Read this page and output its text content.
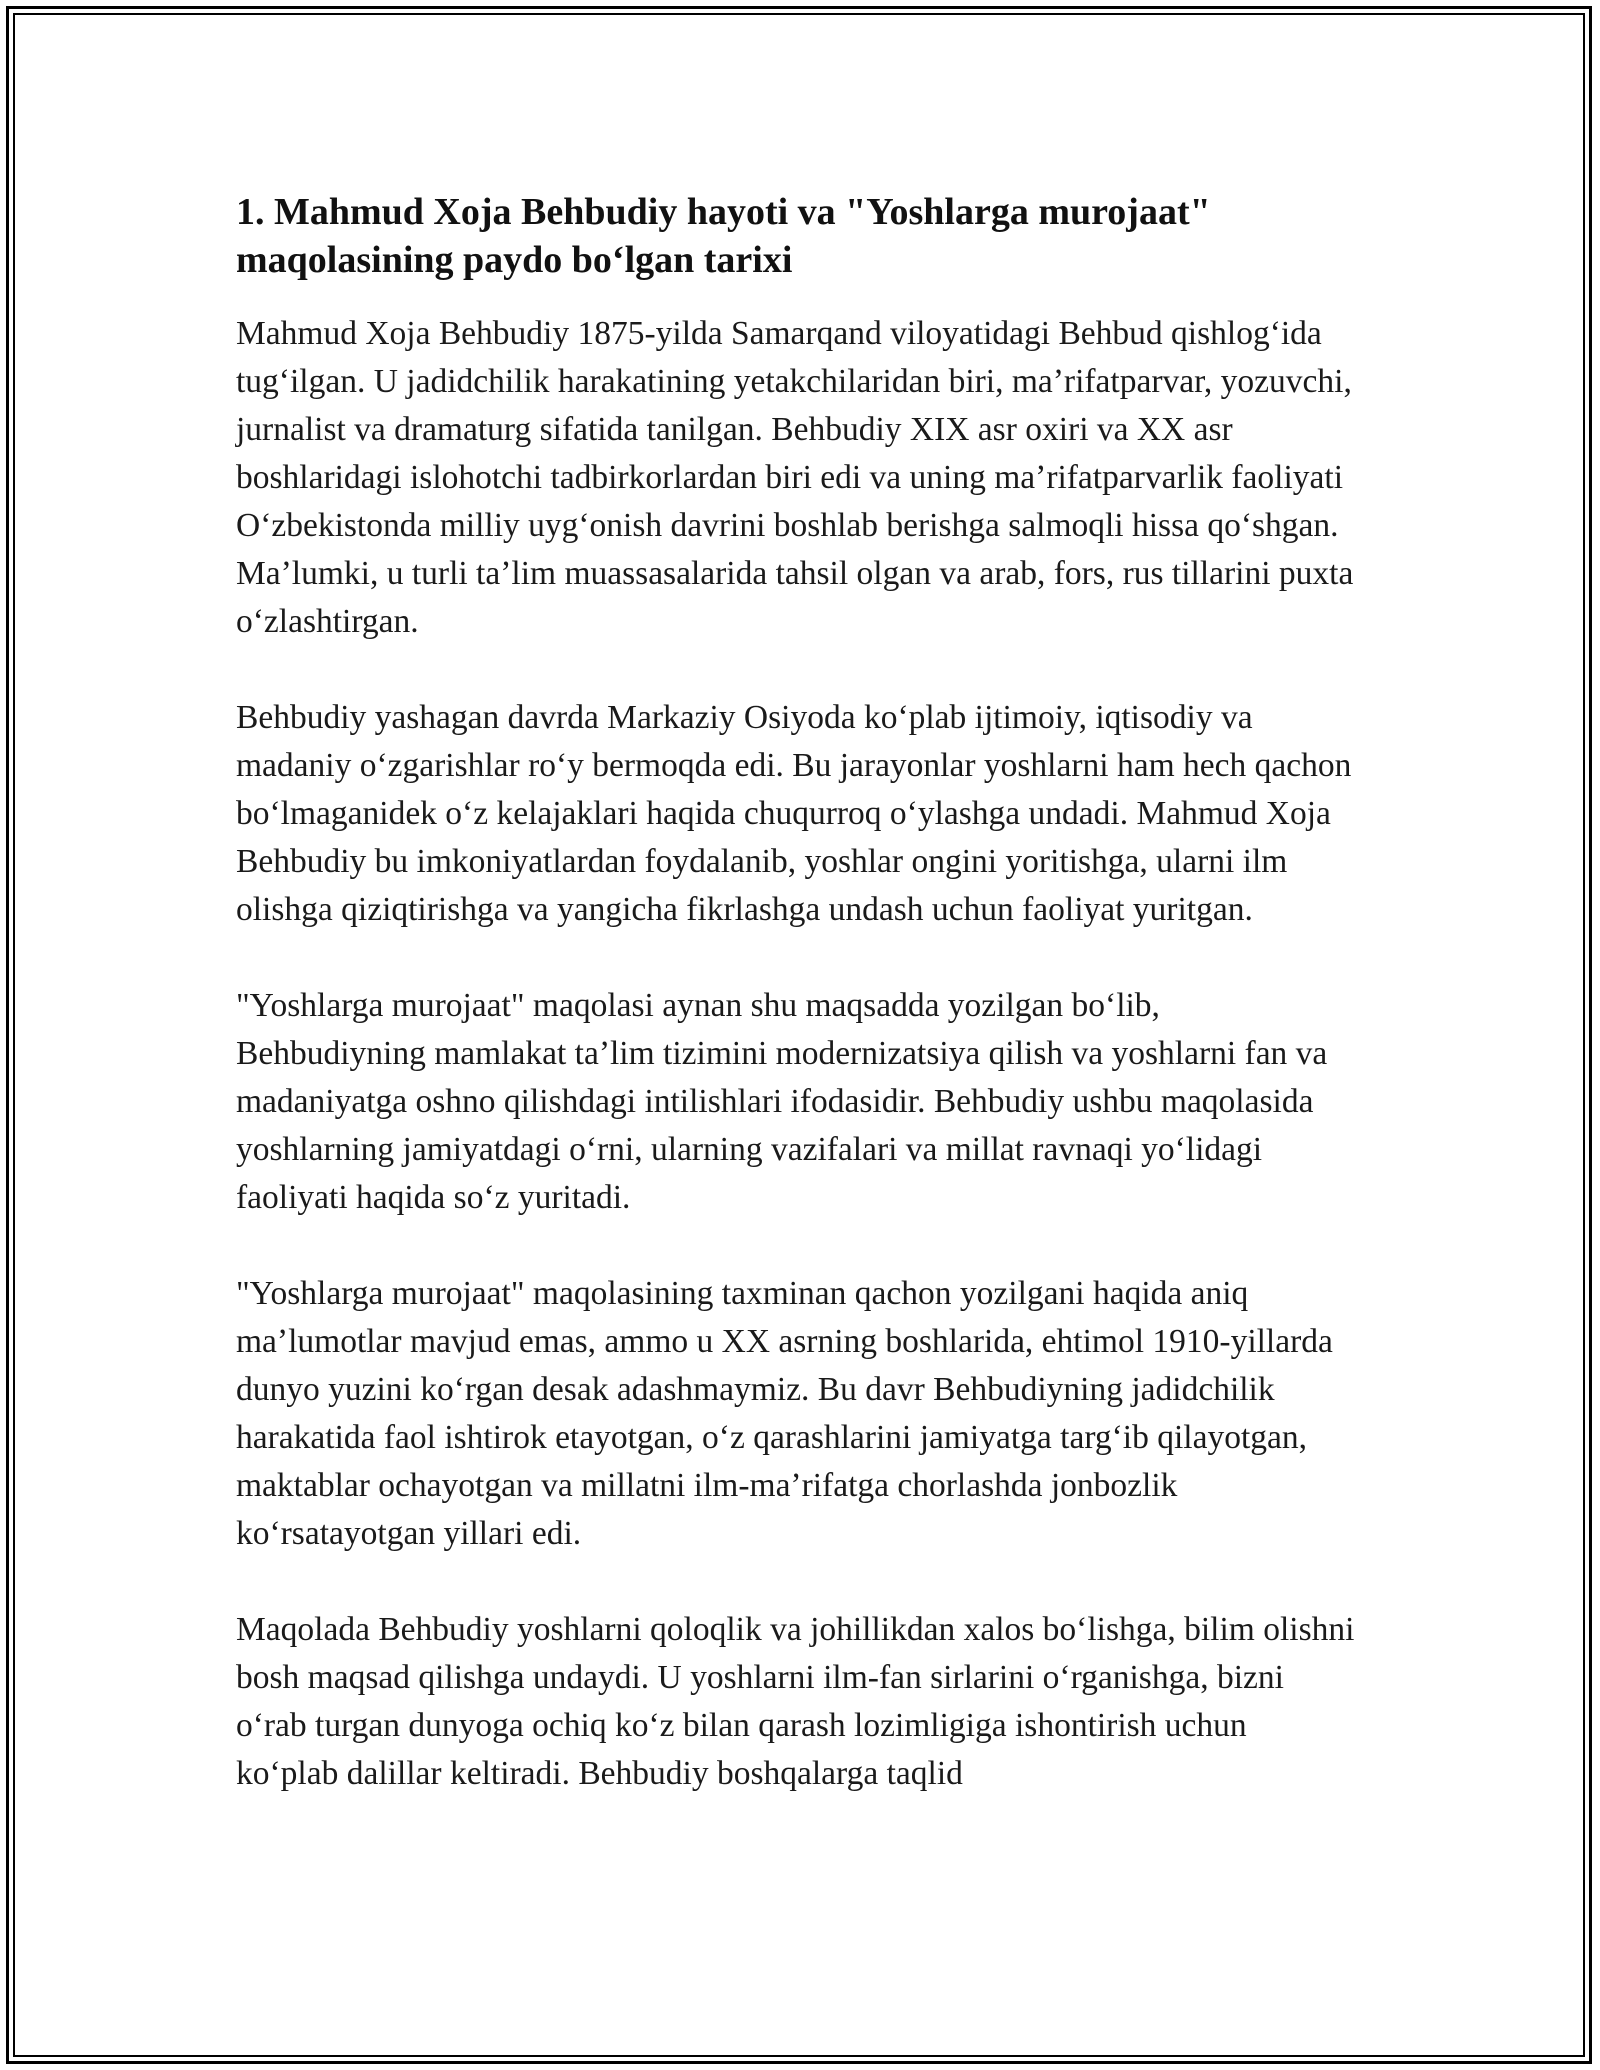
1. Mahmud Xoja Behbudiy hayoti va "Yoshlarga murojaat" maqolasining paydo boʻlgan tarixi

Mahmud Xoja Behbudiy 1875-yilda Samarqand viloyatidagi Behbud qishlogʻida tugʻilgan. U jadidchilik harakatining yetakchilaridan biri, maʼrifatparvar, yozuvchi, jurnalist va dramaturg sifatida tanilgan. Behbudiy XIX asr oxiri va XX asr boshlaridagi islohotchi tadbirkorlardan biri edi va uning maʼrifatparvarlik faoliyati Oʻzbekistonda milliy uygʻonish davrini boshlab berishga salmoqli hissa qoʻshgan. Maʼlumki, u turli taʼlim muassasalarida tahsil olgan va arab, fors, rus tillarini puxta oʻzlashtirgan.

Behbudiy yashagan davrda Markaziy Osiyoda koʻplab ijtimoiy, iqtisodiy va madaniy oʻzgarishlar roʻy bermoqda edi. Bu jarayonlar yoshlarni ham hech qachon boʻlmaganidek oʻz kelajaklari haqida chuqurroq oʻylashga undadi. Mahmud Xoja Behbudiy bu imkoniyatlardan foydalanib, yoshlar ongini yoritishga, ularni ilm olishga qiziqtirishga va yangicha fikrlashga undash uchun faoliyat yuritgan.

"Yoshlarga murojaat" maqolasi aynan shu maqsadda yozilgan boʻlib, Behbudiyning mamlakat taʼlim tizimini modernizatsiya qilish va yoshlarni fan va madaniyatga oshno qilishdagi intilishlari ifodasidir. Behbudiy ushbu maqolasida yoshlarning jamiyatdagi oʻrni, ularning vazifalari va millat ravnaqi yoʻlidagi faoliyati haqida soʻz yuritadi.

"Yoshlarga murojaat" maqolasining taxminan qachon yozilgani haqida aniq maʼlumotlar mavjud emas, ammo u XX asrning boshlarida, ehtimol 1910-yillarda dunyo yuzini koʻrgan desak adashmaymiz. Bu davr Behbudiyning jadidchilik harakatida faol ishtirok etayotgan, oʻz qarashlarini jamiyatga targʻib qilayotgan, maktablar ochayotgan va millatni ilm-maʼrifatga chorlashda jonbozlik koʻrsatayotgan yillari edi.

Maqolada Behbudiy yoshlarni qoloqlik va johillikdan xalos boʻlishga, bilim olishni bosh maqsad qilishga undaydi. U yoshlarni ilm-fan sirlarini oʻrganishga, bizni oʻrab turgan dunyoga ochiq koʻz bilan qarash lozimligiga ishontirish uchun koʻplab dalillar keltiradi. Behbudiy boshqalarga taqlid
